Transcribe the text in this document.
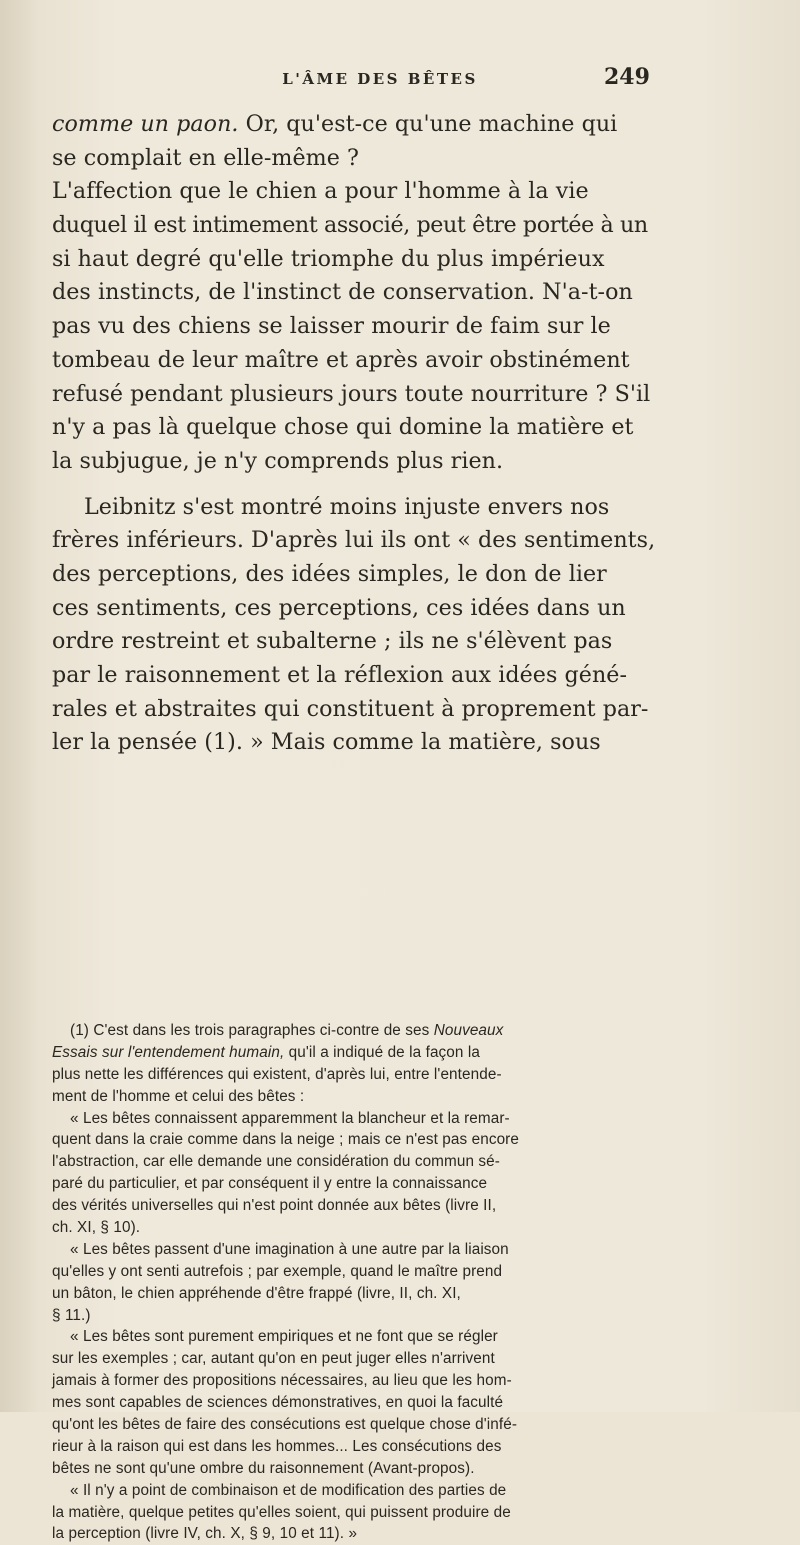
L'ÂME DES BÊTES	249
comme un paon. Or, qu'est-ce qu'une machine qui
se complait en elle-même ?
L'affection que le chien a pour l'homme à la vie
duquel il est intimement associé, peut être portée à un
si haut degré qu'elle triomphe du plus impérieux
des instincts, de l'instinct de conservation. N'a-t-on
pas vu des chiens se laisser mourir de faim sur le
tombeau de leur maître et après avoir obstinément
refusé pendant plusieurs jours toute nourriture ? S'il
n'y a pas là quelque chose qui domine la matière et
la subjugue, je n'y comprends plus rien.
Leibnitz s'est montré moins injuste envers nos
frères inférieurs. D'après lui ils ont « des sentiments,
des perceptions, des idées simples, le don de lier
ces sentiments, ces perceptions, ces idées dans un
ordre restreint et subalterne ; ils ne s'élèvent pas
par le raisonnement et la réflexion aux idées géné-
rales et abstraites qui constituent à proprement par-
ler la pensée (1). » Mais comme la matière, sous
(1) C'est dans les trois paragraphes ci-contre de ses Nouveaux
Essais sur l'entendement humain, qu'il a indiqué de la façon la
plus nette les différences qui existent, d'après lui, entre l'entende-
ment de l'homme et celui des bêtes :
« Les bêtes connaissent apparemment la blancheur et la remar-
quent dans la craie comme dans la neige ; mais ce n'est pas encore
l'abstraction, car elle demande une considération du commun sé-
paré du particulier, et par conséquent il y entre la connaissance
des vérités universelles qui n'est point donnée aux bêtes (livre II,
ch. XI, § 10).
« Les bêtes passent d'une imagination à une autre par la liaison
qu'elles y ont senti autrefois ; par exemple, quand le maître prend
un bâton, le chien appréhende d'être frappé (livre, II, ch. XI,
§ 11.)
« Les bêtes sont purement empiriques et ne font que se régler
sur les exemples ; car, autant qu'on en peut juger elles n'arrivent
jamais à former des propositions nécessaires, au lieu que les hom-
mes sont capables de sciences démonstratives, en quoi la faculté
qu'ont les bêtes de faire des consécutions est quelque chose d'infé-
rieur à la raison qui est dans les hommes... Les consécutions des
bêtes ne sont qu'une ombre du raisonnement (Avant-propos).
« Il n'y a point de combinaison et de modification des parties de
la matière, quelque petites qu'elles soient, qui puissent produire de
la perception (livre IV, ch. X, § 9, 10 et 11). »
